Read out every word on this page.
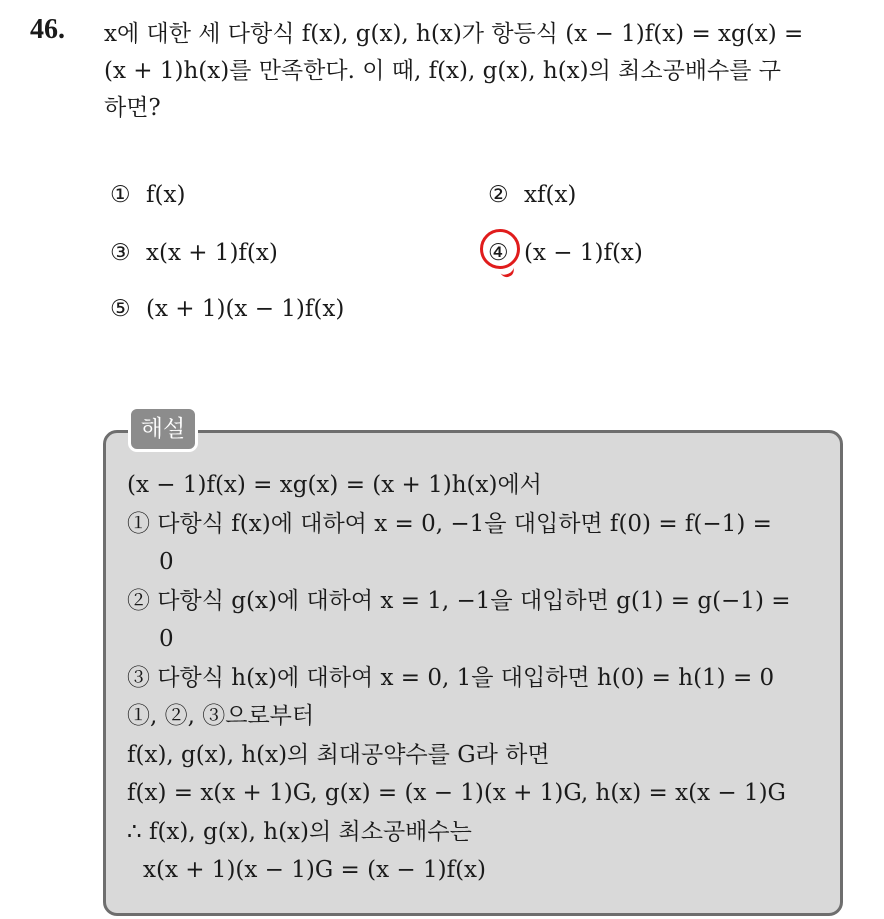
46. x에 대한 세 다항식 f(x), g(x), h(x)가 항등식 (x − 1)f(x) = xg(x) =
(x + 1)h(x)를 만족한다. 이 때, f(x), g(x), h(x)의 최소공배수를 구
하면?
① f(x)	② xf(x)
③ x(x + 1)f(x)	④ (x − 1)f(x)
⑤ (x + 1)(x − 1)f(x)
해설
(x − 1)f(x) = xg(x) = (x + 1)h(x)에서
① 다항식 f(x)에 대하여 x = 0, −1을 대입하면 f(0) = f(−1) =
0
② 다항식 g(x)에 대하여 x = 1, −1을 대입하면 g(1) = g(−1) =
0
③ 다항식 h(x)에 대하여 x = 0, 1을 대입하면 h(0) = h(1) = 0
①, ②, ③으로부터
f(x), g(x), h(x)의 최대공약수를 G라 하면
f(x) = x(x + 1)G, g(x) = (x − 1)(x + 1)G, h(x) = x(x − 1)G
∴ f(x), g(x), h(x)의 최소공배수는
x(x + 1)(x − 1)G = (x − 1)f(x)
